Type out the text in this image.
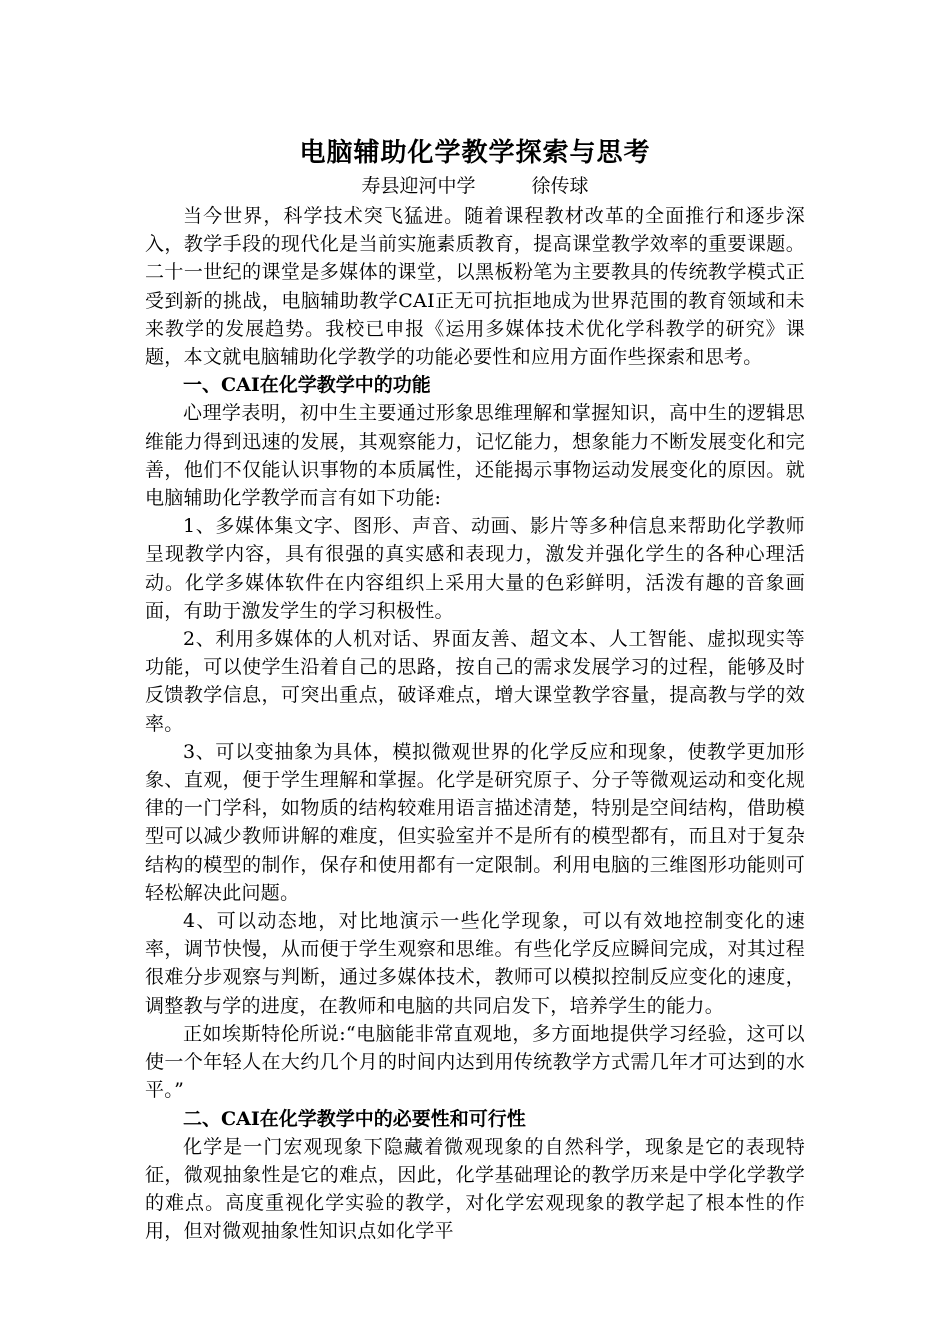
电脑辅助化学教学探索与思考
寿县迎河中学	徐传球

当今世界，科学技术突飞猛进。随着课程教材改革的全面推行和逐步深入，教学手段的现代化是当前实施素质教育，提高课堂教学效率的重要课题。二十一世纪的课堂是多媒体的课堂，以黑板粉笔为主要教具的传统教学模式正受到新的挑战，电脑辅助教学CAI正无可抗拒地成为世界范围的教育领域和未来教学的发展趋势。我校已申报《运用多媒体技术优化学科教学的研究》课题，本文就电脑辅助化学教学的功能必要性和应用方面作些探索和思考。

一、CAI在化学教学中的功能

心理学表明，初中生主要通过形象思维理解和掌握知识，高中生的逻辑思维能力得到迅速的发展，其观察能力，记忆能力，想象能力不断发展变化和完善，他们不仅能认识事物的本质属性，还能揭示事物运动发展变化的原因。就电脑辅助化学教学而言有如下功能:

1、多媒体集文字、图形、声音、动画、影片等多种信息来帮助化学教师呈现教学内容，具有很强的真实感和表现力，激发并强化学生的各种心理活动。化学多媒体软件在内容组织上采用大量的色彩鲜明，活泼有趣的音象画面，有助于激发学生的学习积极性。

2、利用多媒体的人机对话、界面友善、超文本、人工智能、虚拟现实等功能，可以使学生沿着自己的思路，按自己的需求发展学习的过程，能够及时反馈教学信息，可突出重点，破译难点，增大课堂教学容量，提高教与学的效率。

3、可以变抽象为具体，模拟微观世界的化学反应和现象，使教学更加形象、直观，便于学生理解和掌握。化学是研究原子、分子等微观运动和变化规律的一门学科，如物质的结构较难用语言描述清楚，特别是空间结构，借助模型可以减少教师讲解的难度，但实验室并不是所有的模型都有，而且对于复杂结构的模型的制作，保存和使用都有一定限制。利用电脑的三维图形功能则可轻松解决此问题。

4、可以动态地，对比地演示一些化学现象，可以有效地控制变化的速率，调节快慢，从而便于学生观察和思维。有些化学反应瞬间完成，对其过程很难分步观察与判断，通过多媒体技术，教师可以模拟控制反应变化的速度，调整教与学的进度，在教师和电脑的共同启发下，培养学生的能力。

正如埃斯特伦所说:“电脑能非常直观地，多方面地提供学习经验，这可以使一个年轻人在大约几个月的时间内达到用传统教学方式需几年才可达到的水平。”

二、CAI在化学教学中的必要性和可行性

化学是一门宏观现象下隐藏着微观现象的自然科学，现象是它的表现特征，微观抽象性是它的难点，因此，化学基础理论的教学历来是中学化学教学的难点。高度重视化学实验的教学，对化学宏观现象的教学起了根本性的作用，但对微观抽象性知识点如化学平
